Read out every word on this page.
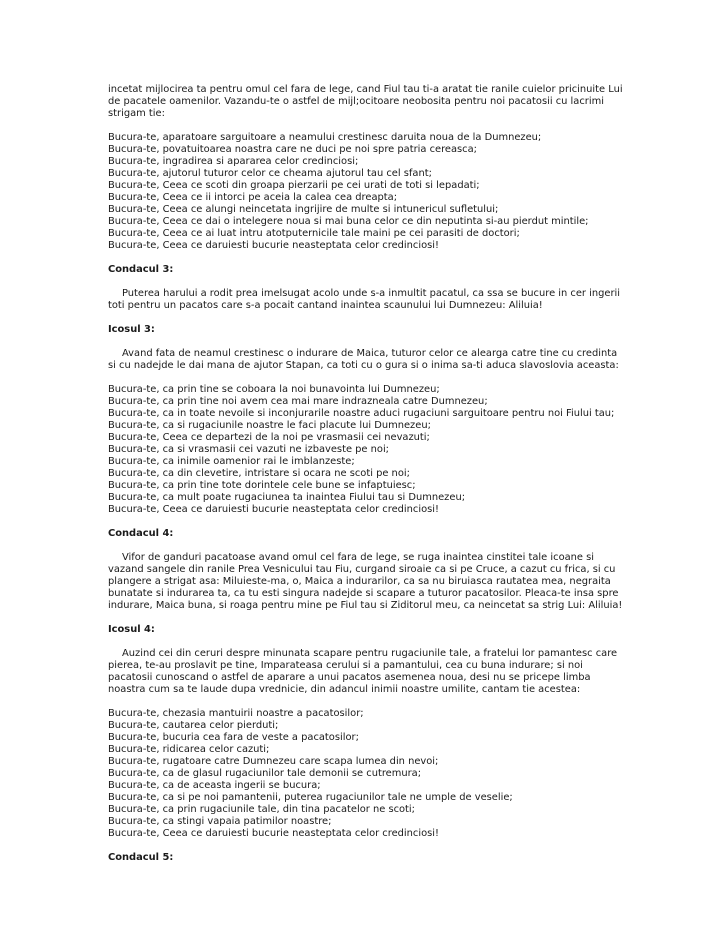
incetat mijlocirea ta pentru omul cel fara de lege, cand Fiul tau ti-a aratat tie ranile cuielor pricinuite Lui de pacatele oamenilor. Vazandu-te o astfel de mijl;ocitoare neobosita pentru noi pacatosii cu lacrimi strigam tie:

Bucura-te, aparatoare sarguitoare a neamului crestinesc daruita noua de la Dumnezeu;
Bucura-te, povatuitoarea noastra care ne duci pe noi spre patria cereasca;
Bucura-te, ingradirea si apararea celor credinciosi;
Bucura-te, ajutorul tuturor celor ce cheama ajutorul tau cel sfant;
Bucura-te, Ceea ce scoti din groapa pierzarii pe cei urati de toti si lepadati;
Bucura-te, Ceea ce ii intorci pe aceia la calea cea dreapta;
Bucura-te, Ceea ce alungi neincetata ingrijire de multe si intunericul sufletului;
Bucura-te, Ceea ce dai o intelegere noua si mai buna celor ce din neputinta si-au pierdut mintile;
Bucura-te, Ceea ce ai luat intru atotputernicile tale maini pe cei parasiti de doctori;
Bucura-te, Ceea ce daruiesti bucurie neasteptata celor credinciosi!

Condacul 3:

Puterea harului a rodit prea imelsugat acolo unde s-a inmultit pacatul, ca ssa se bucure in cer ingerii toti pentru un pacatos care s-a pocait cantand inaintea scaunului lui Dumnezeu: Aliluia!

Icosul 3:

Avand fata de neamul crestinesc o indurare de Maica, tuturor celor ce alearga catre tine cu credinta si cu nadejde le dai mana de ajutor Stapan, ca toti cu o gura si o inima sa-ti aduca slavoslovia aceasta:

Bucura-te, ca prin tine se coboara la noi bunavointa lui Dumnezeu;
Bucura-te, ca prin tine noi avem cea mai mare indrazneala catre Dumnezeu;
Bucura-te, ca in toate nevoile si inconjurarile noastre aduci rugaciuni sarguitoare pentru noi Fiului tau;
Bucura-te, ca si rugaciunile noastre le faci placute lui Dumnezeu;
Bucura-te, Ceea ce departezi de la noi pe vrasmasii cei nevazuti;
Bucura-te, ca si vrasmasii cei vazuti ne izbaveste pe noi;
Bucura-te, ca inimile oamenior rai le imblanzeste;
Bucura-te, ca din clevetire, intristare si ocara ne scoti pe noi;
Bucura-te, ca prin tine tote dorintele cele bune se infaptuiesc;
Bucura-te, ca mult poate rugaciunea ta inaintea Fiului tau si Dumnezeu;
Bucura-te, Ceea ce daruiesti bucurie neasteptata celor credinciosi!

Condacul 4:

Vifor de ganduri pacatoase avand omul cel fara de lege, se ruga inaintea cinstitei tale icoane si vazand sangele din ranile Prea Vesnicului tau Fiu, curgand siroaie ca si pe Cruce, a cazut cu frica, si cu plangere a strigat asa: Miluieste-ma, o, Maica a indurarilor, ca sa nu biruiasca rautatea mea, negraita bunatate si indurarea ta, ca tu esti singura nadejde si scapare a tuturor pacatosilor. Pleaca-te insa spre indurare, Maica buna, si roaga pentru mine pe Fiul tau si Ziditorul meu, ca neincetat sa strig Lui: Aliluia!

Icosul 4:

Auzind cei din ceruri despre minunata scapare pentru rugaciunile tale, a fratelui lor pamantesc care pierea, te-au proslavit pe tine, Imparateasa cerului si a pamantului, cea cu buna indurare; si noi pacatosii cunoscand o astfel de aparare a unui pacatos asemenea noua, desi nu se pricepe limba noastra cum sa te laude dupa vrednicie, din adancul inimii noastre umilite, cantam tie acestea:

Bucura-te, chezasia mantuirii noastre a pacatosilor;
Bucura-te, cautarea celor pierduti;
Bucura-te, bucuria cea fara de veste a pacatosilor;
Bucura-te, ridicarea celor cazuti;
Bucura-te, rugatoare catre Dumnezeu care scapa lumea din nevoi;
Bucura-te, ca de glasul rugaciunilor tale demonii se cutremura;
Bucura-te, ca de aceasta ingerii se bucura;
Bucura-te, ca si pe noi pamantenii, puterea rugaciunilor tale ne umple de veselie;
Bucura-te, ca prin rugaciunile tale, din tina pacatelor ne scoti;
Bucura-te, ca stingi vapaia patimilor noastre;
Bucura-te, Ceea ce daruiesti bucurie neasteptata celor credinciosi!

Condacul 5:
